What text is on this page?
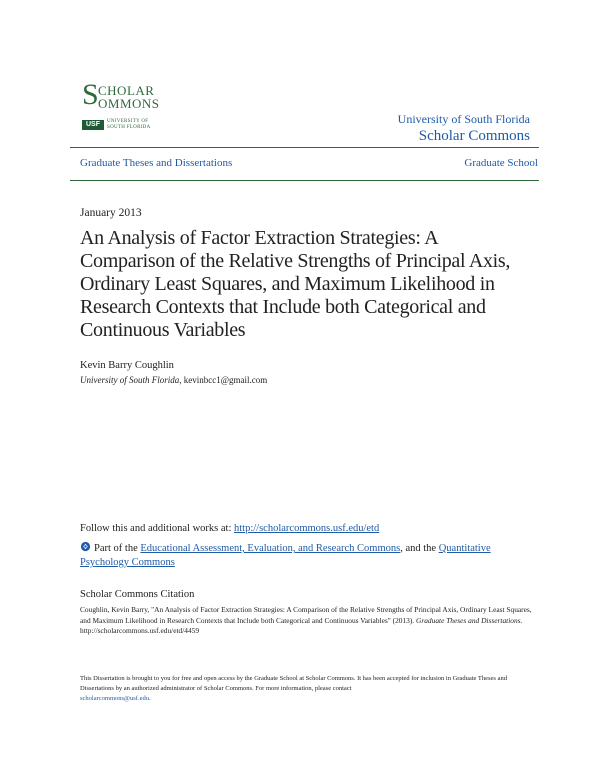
S CHOLAR
OMMONS
USF	UNIVERSITY OF
SOUTH FLORIDA
University of South Florida
Scholar Commons
Graduate Theses and Dissertations	Graduate School
January 2013
An Analysis of Factor Extraction Strategies: A Comparison of the Relative Strengths of Principal Axis, Ordinary Least Squares, and Maximum Likelihood in Research Contexts that Include both Categorical and Continuous Variables
Kevin Barry Coughlin
University of South Florida, kevinbcc1@gmail.com
Follow this and additional works at: http://scholarcommons.usf.edu/etd
Part of the Educational Assessment, Evaluation, and Research Commons, and the Quantitative Psychology Commons
Scholar Commons Citation
Coughlin, Kevin Barry, "An Analysis of Factor Extraction Strategies: A Comparison of the Relative Strengths of Principal Axis, Ordinary Least Squares, and Maximum Likelihood in Research Contexts that Include both Categorical and Continuous Variables" (2013). Graduate Theses and Dissertations.
http://scholarcommons.usf.edu/etd/4459
This Dissertation is brought to you for free and open access by the Graduate School at Scholar Commons. It has been accepted for inclusion in Graduate Theses and Dissertations by an authorized administrator of Scholar Commons. For more information, please contact
scholarcommons@usf.edu.
